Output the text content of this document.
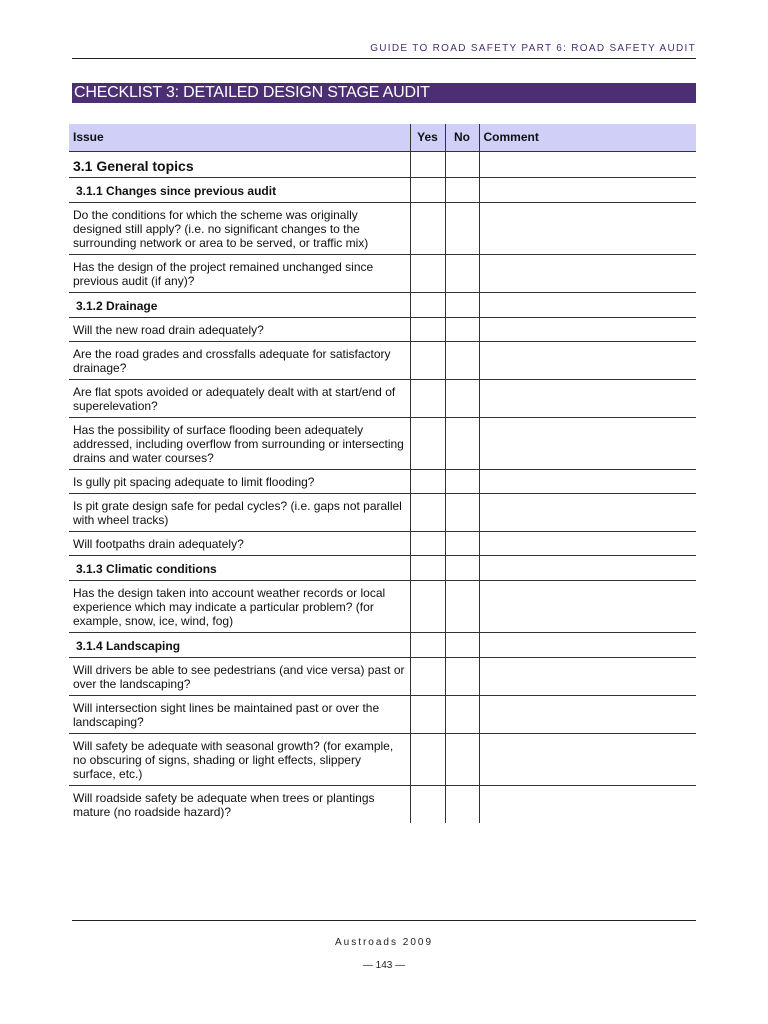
GUIDE TO ROAD SAFETY PART 6: ROAD SAFETY AUDIT
CHECKLIST 3: DETAILED DESIGN STAGE AUDIT
Issue	Yes	No	Comment
3.1 General topics			
3.1.1 Changes since previous audit			
Do the conditions for which the scheme was originally designed still apply? (i.e. no significant changes to the surrounding network or area to be served, or traffic mix)			
Has the design of the project remained unchanged since previous audit (if any)?			
3.1.2 Drainage			
Will the new road drain adequately?			
Are the road grades and crossfalls adequate for satisfactory drainage?			
Are flat spots avoided or adequately dealt with at start/end of superelevation?			
Has the possibility of surface flooding been adequately addressed, including overflow from surrounding or intersecting drains and water courses?			
Is gully pit spacing adequate to limit flooding?			
Is pit grate design safe for pedal cycles? (i.e. gaps not parallel with wheel tracks)			
Will footpaths drain adequately?			
3.1.3 Climatic conditions			
Has the design taken into account weather records or local experience which may indicate a particular problem? (for example, snow, ice, wind, fog)			
3.1.4 Landscaping			
Will drivers be able to see pedestrians (and vice versa) past or over the landscaping?			
Will intersection sight lines be maintained past or over the landscaping?			
Will safety be adequate with seasonal growth? (for example, no obscuring of signs, shading or light effects, slippery surface, etc.)			
Will roadside safety be adequate when trees or plantings mature (no roadside hazard)?			
Austroads 2009
— 143 —
